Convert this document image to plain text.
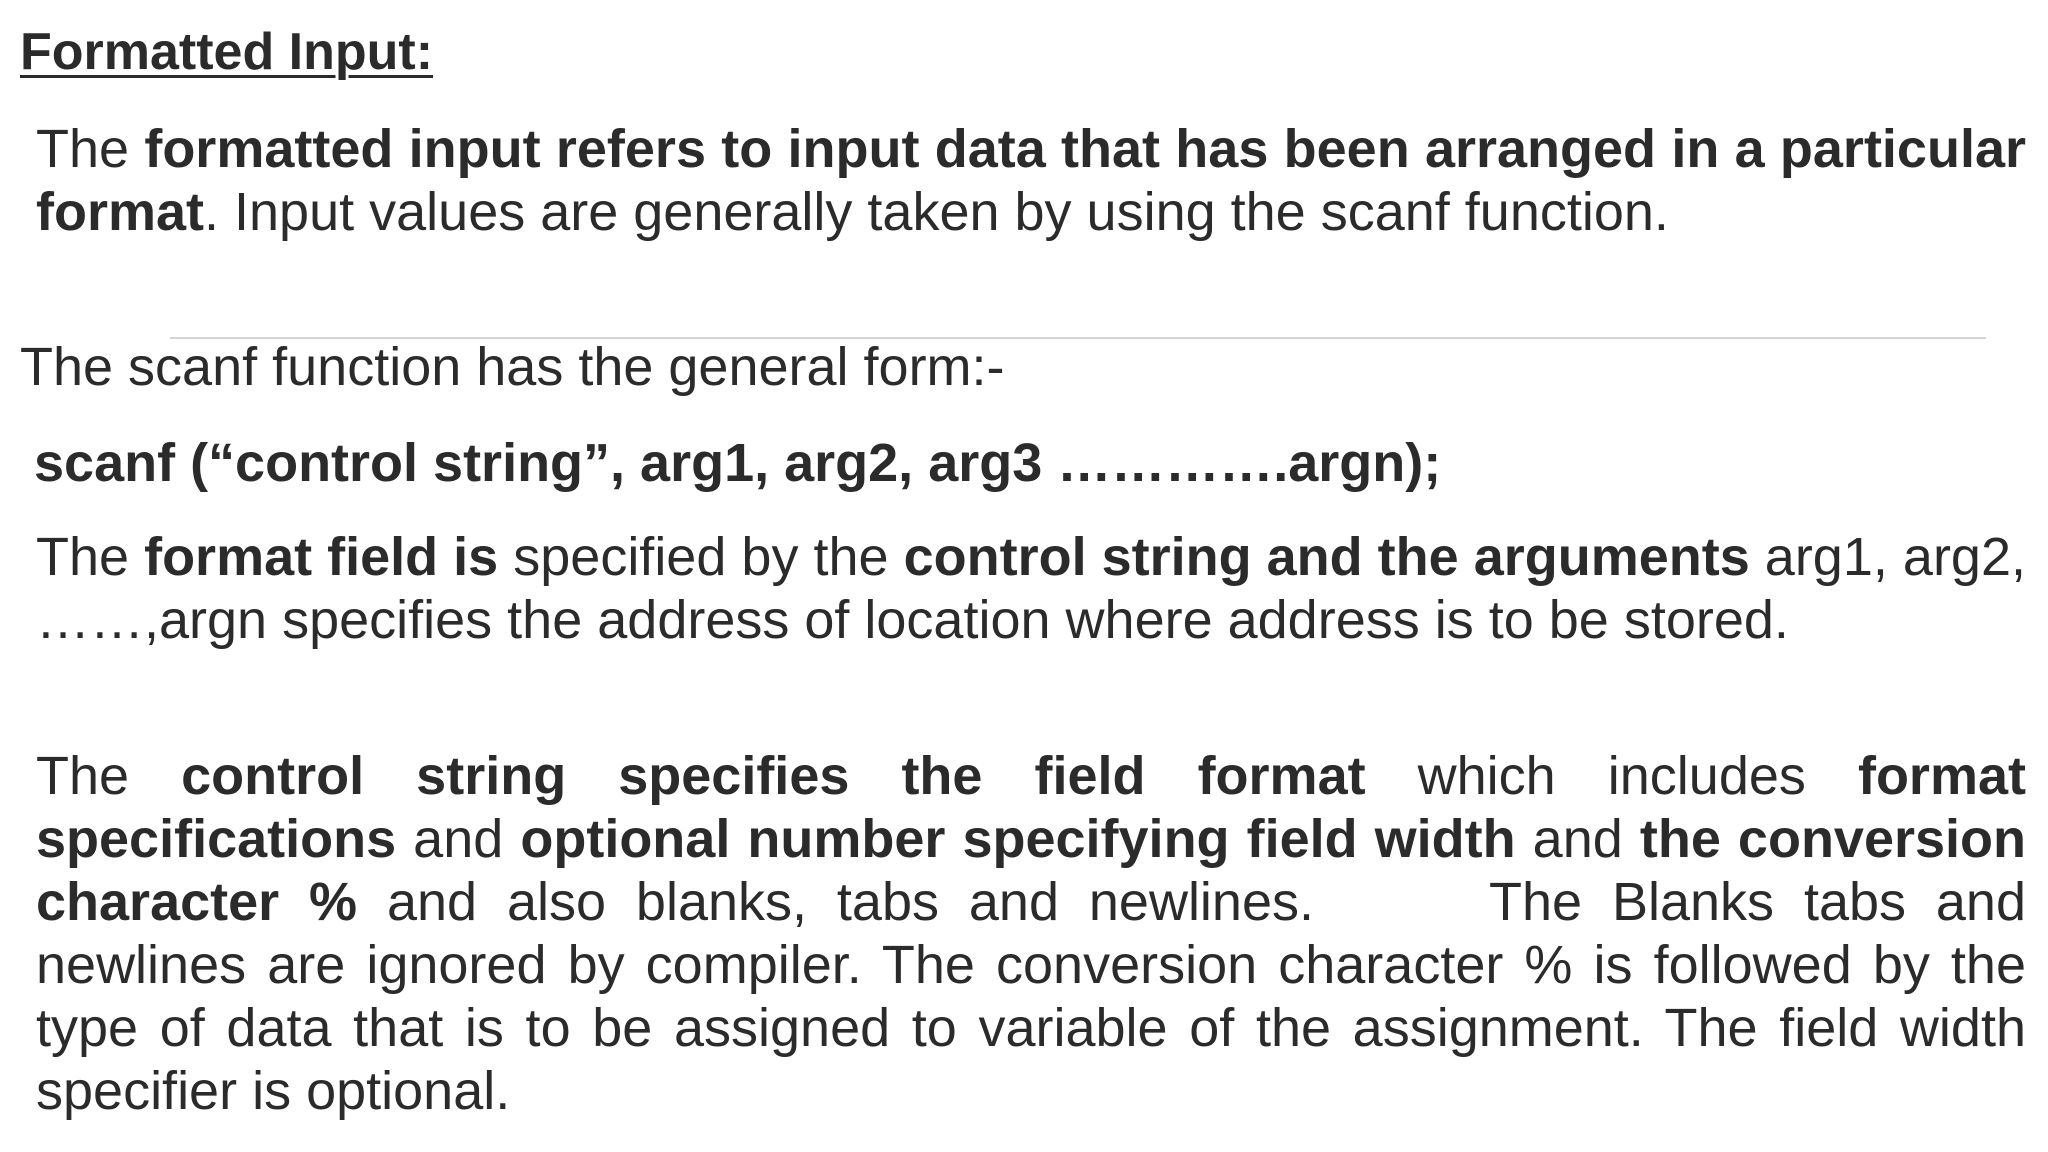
Formatted Input:
The formatted input refers to input data that has been arranged in a particular format. Input values are generally taken by using the scanf function.
The scanf function has the general form:-
scanf (“control string”, arg1, arg2, arg3 ………….argn);
The format field is specified by the control string and the arguments arg1, arg2, ……,argn specifies the address of location where address is to be stored.
The control string specifies the field format which includes format specifications and optional number specifying field width and the conversion character % and also blanks, tabs and newlines.	The Blanks tabs and newlines are ignored by compiler. The conversion character % is followed by the type of data that is to be assigned to variable of the assignment. The field width specifier is optional.
